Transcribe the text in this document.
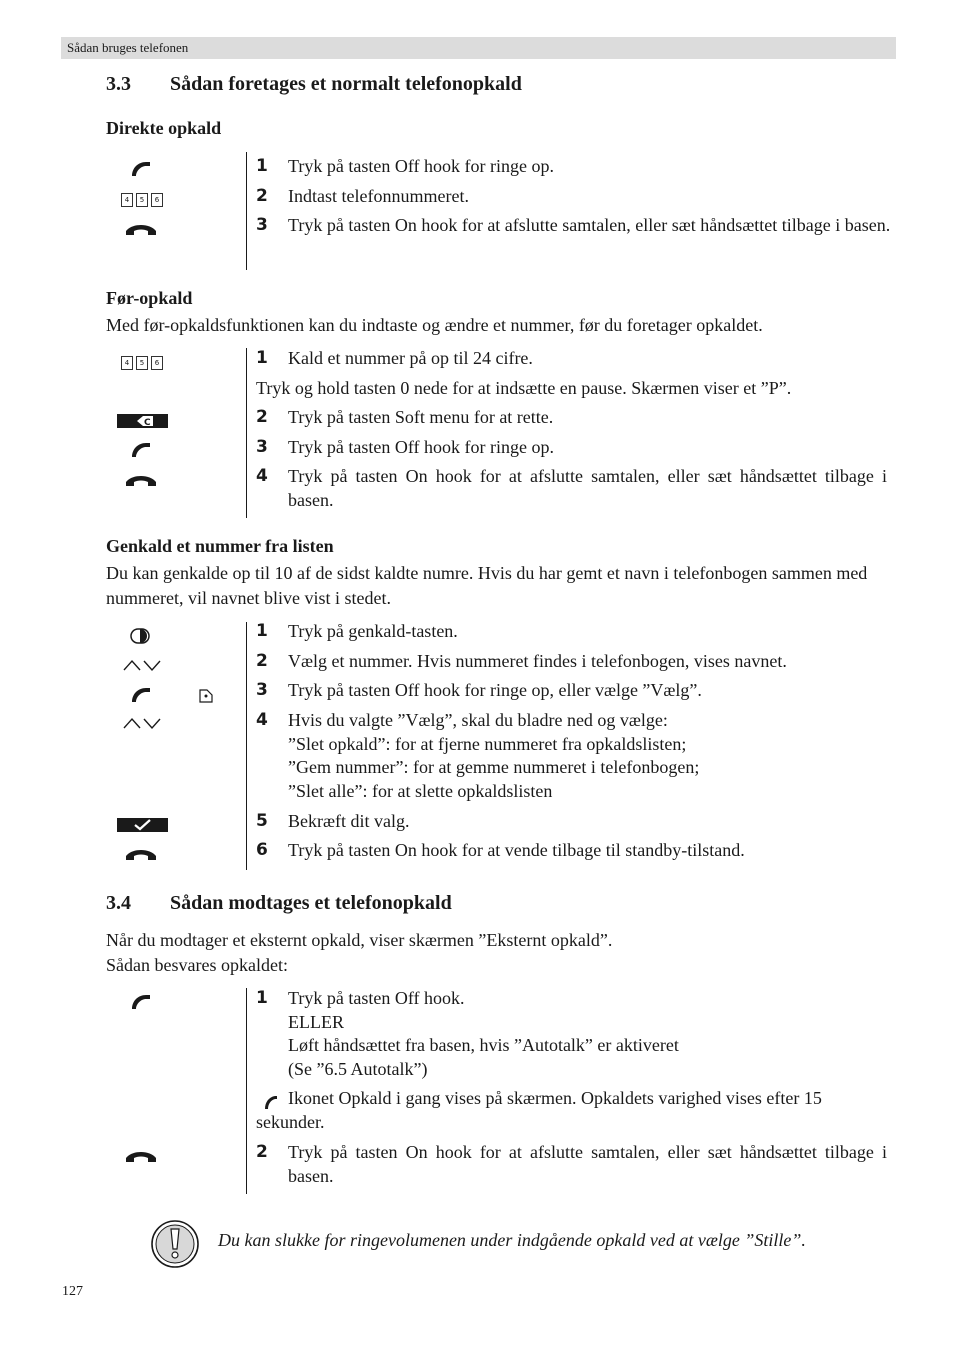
Sådan bruges telefonen
3.3 Sådan foretages et normalt telefonopkald
Direkte opkald
4	5	6
1 Tryk på tasten Off hook for ringe op.
2 Indtast telefonnummeret.
3 Tryk på tasten On hook for at afslutte samtalen, eller sæt håndsættet tilbage i basen.
Før-opkald
Med før-opkaldsfunktionen kan du indtaste og ændre et nummer, før du foretager opkaldet.
4	5	6
C
1 Kald et nummer på op til 24 cifre.
Tryk og hold tasten 0 nede for at indsætte en pause. Skærmen viser et ”P”.
2 Tryk på tasten Soft menu for at rette.
3 Tryk på tasten Off hook for ringe op.
4 Tryk på tasten On hook for at afslutte samtalen, eller sæt håndsættet tilbage i basen.
Genkald et nummer fra listen
Du kan genkalde op til 10 af de sidst kaldte numre. Hvis du har gemt et navn i telefonbogen sammen med nummeret, vil navnet blive vist i stedet.
1 Tryk på genkald-tasten.
2 Vælg et nummer. Hvis nummeret findes i telefonbogen, vises navnet.
3 Tryk på tasten Off hook for ringe op, eller vælge ”Vælg”.
4 Hvis du valgte ”Vælg”, skal du bladre ned og vælge:
”Slet opkald”: for at fjerne nummeret fra opkaldslisten;
”Gem nummer”: for at gemme nummeret i telefonbogen;
”Slet alle”: for at slette opkaldslisten
5 Bekræft dit valg.
6 Tryk på tasten On hook for at vende tilbage til standby-tilstand.
3.4 Sådan modtages et telefonopkald
Når du modtager et eksternt opkald, viser skærmen ”Eksternt opkald”.
Sådan besvares opkaldet:
1 Tryk på tasten Off hook.
ELLER
Løft håndsættet fra basen, hvis ”Autotalk” er aktiveret
(Se ”6.5 Autotalk”)
Ikonet Opkald i gang vises på skærmen. Opkaldets varighed vises efter 15 sekunder.
2 Tryk på tasten On hook for at afslutte samtalen, eller sæt håndsættet tilbage i basen.
Du kan slukke for ringevolumenen under indgående opkald ved at vælge ”Stille”.
127
